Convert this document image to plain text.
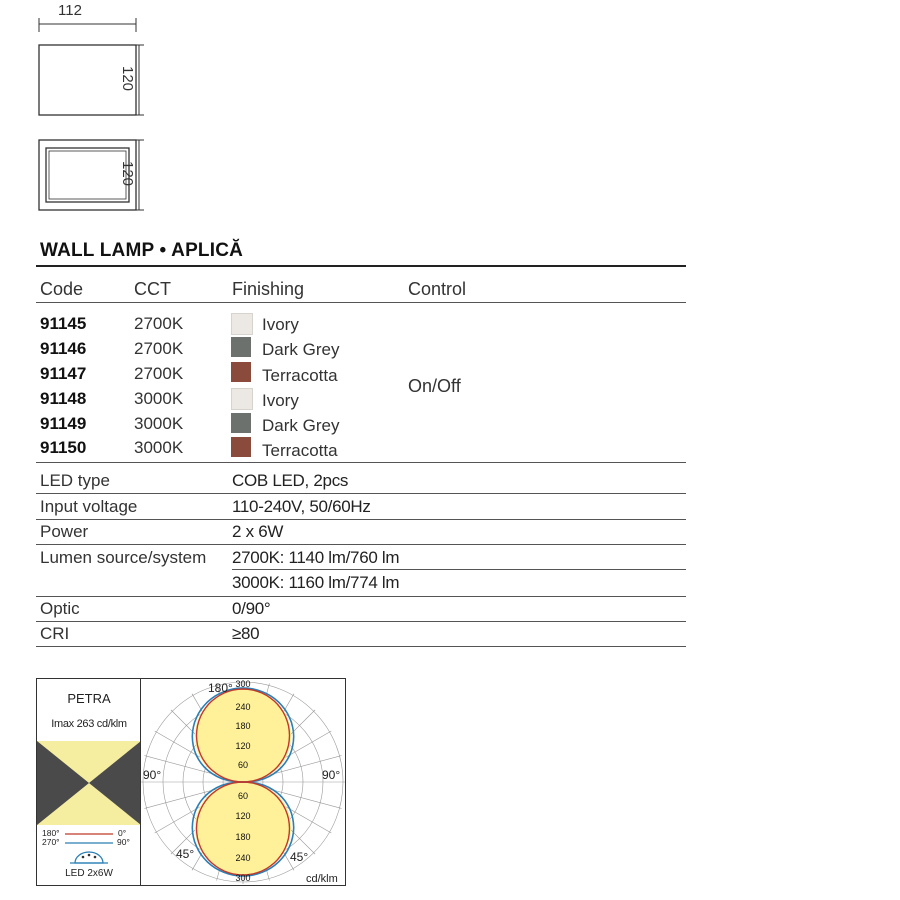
112
120
120
WALL LAMP • APLICĂ
Code	CCT	Finishing	Control
91145	2700K	Ivory
91146	2700K	Dark Grey
91147	2700K	Terracotta
91148	3000K	Ivory
91149	3000K	Dark Grey
91150	3000K	Terracotta
On/Off
LED type	COB LED, 2pcs
Input voltage	110-240V, 50/60Hz
Power	2 x 6W
Lumen source/system 2700K: 1140 lm/760 lm
3000K: 1160 lm/774 lm
Optic	0/90°
CRI	≥80
PETRA
Imax 263 cd/klm
180°	0°
270°	90°
LED 2x6W
180°
90°	90°
45°	45°
cd/klm
60
120
180
240
300
60
120
180
240
300
